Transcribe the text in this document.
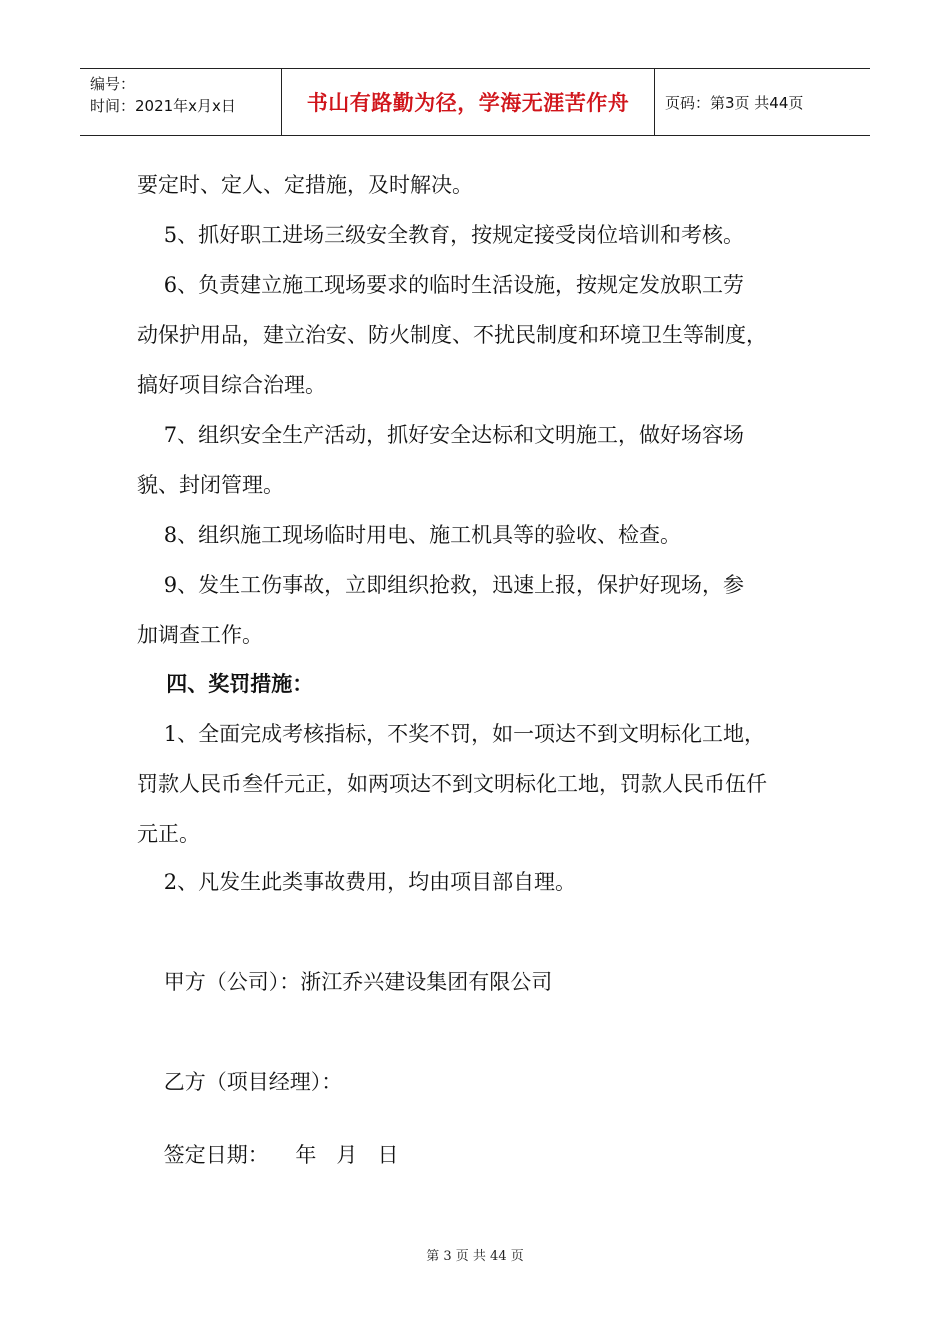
编号：
时间：2021年x月x日	书山有路勤为径，学海无涯苦作舟	页码：第3页 共44页

要定时、定人、定措施，及时解决。

5、抓好职工进场三级安全教育，按规定接受岗位培训和考核。

6、负责建立施工现场要求的临时生活设施，按规定发放职工劳
动保护用品，建立治安、防火制度、不扰民制度和环境卫生等制度，
搞好项目综合治理。

7、组织安全生产活动，抓好安全达标和文明施工，做好场容场
貌、封闭管理。

8、组织施工现场临时用电、施工机具等的验收、检查。

9、发生工伤事故，立即组织抢救，迅速上报，保护好现场，参
加调查工作。

四、奖罚措施：

1、全面完成考核指标，不奖不罚，如一项达不到文明标化工地，
罚款人民币叁仟元正，如两项达不到文明标化工地，罚款人民币伍仟
元正。

2、凡发生此类事故费用，均由项目部自理。

甲方（公司）：浙江乔兴建设集团有限公司

乙方（项目经理）：

签定日期：    年   月   日

第 3 页 共 44 页
